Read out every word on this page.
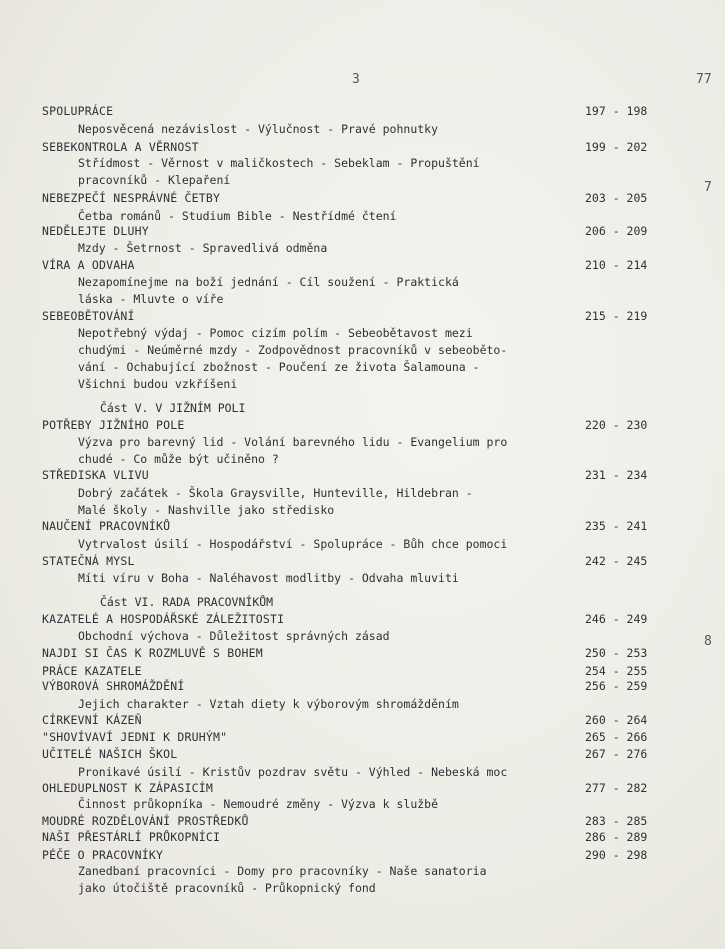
3	77
7
8
SPOLUPRÁCE	197 - 198
Neposvěcená nezávislost - Výlučnost - Pravé pohnutky
SEBEKONTROLA A VĚRNOST	199 - 202
Střídmost - Věrnost v maličkostech - Sebeklam - Propuštění
pracovníků - Klepaření
NEBEZPEČÍ NESPRÁVNÉ ČETBY	203 - 205
Četba románů - Studium Bible - Nestřídmé čtení
NEDĚLEJTE DLUHY	206 - 209
Mzdy - Šetrnost - Spravedlivá odměna
VÍRA A ODVAHA	210 - 214
Nezapomínejme na boží jednání - Cíl soužení - Praktická
láska - Mluvte o víře
SEBEOBĚTOVÁNÍ	215 - 219
Nepotřebný výdaj - Pomoc cizím polím - Sebeobětavost mezi
chudými - Neúměrné mzdy - Zodpovědnost pracovníků v sebeoběto-
vání - Ochabující zbožnost - Poučení ze života Šalamouna -
Všichni budou vzkříšeni
Část V. V JIŽNÍM POLI
POTŘEBY JIŽNÍHO POLE	220 - 230
Výzva pro barevný lid - Volání barevného lidu - Evangelium pro
chudé - Co může být učiněno ?
STŘEDISKA VLIVU	231 - 234
Dobrý začátek - Škola Graysville, Hunteville, Hildebran -
Malé školy - Nashville jako středisko
NAUČENÍ PRACOVNÍKŮ	235 - 241
Vytrvalost úsilí - Hospodářství - Spolupráce - Bůh chce pomoci
STATEČNÁ MYSL	242 - 245
Míti víru v Boha - Naléhavost modlitby - Odvaha mluviti
Část VI. RADA PRACOVNÍKŮM
KAZATELÉ A HOSPODÁŘSKÉ ZÁLEŽITOSTI	246 - 249
Obchodní výchova - Důležitost správných zásad
NAJDI SI ČAS K ROZMLUVĚ S BOHEM	250 - 253
PRÁCE KAZATELE	254 - 255
VÝBOROVÁ SHROMÁŽDĚNÍ	256 - 259
Jejich charakter - Vztah diety k výborovým shromážděním
CÍRKEVNÍ KÁZEŇ	260 - 264
"SHOVÍVAVÍ JEDNI K DRUHÝM"	265 - 266
UČITELÉ NAŠICH ŠKOL	267 - 276
Pronikavé úsilí - Kristův pozdrav světu - Výhled - Nebeská moc
OHLEDUPLNOST K ZÁPASICÍM	277 - 282
Činnost průkopníka - Nemoudré změny - Výzva k službě
MOUDRÉ ROZDĚLOVÁNÍ PROSTŘEDKŮ	283 - 285
NAŠI PŘESTÁRLÍ PRŮKOPNÍCI	286 - 289
PÉČE O PRACOVNÍKY	290 - 298
Zanedbaní pracovníci - Domy pro pracovníky - Naše sanatoria
jako útočiště pracovníků - Průkopnický fond
